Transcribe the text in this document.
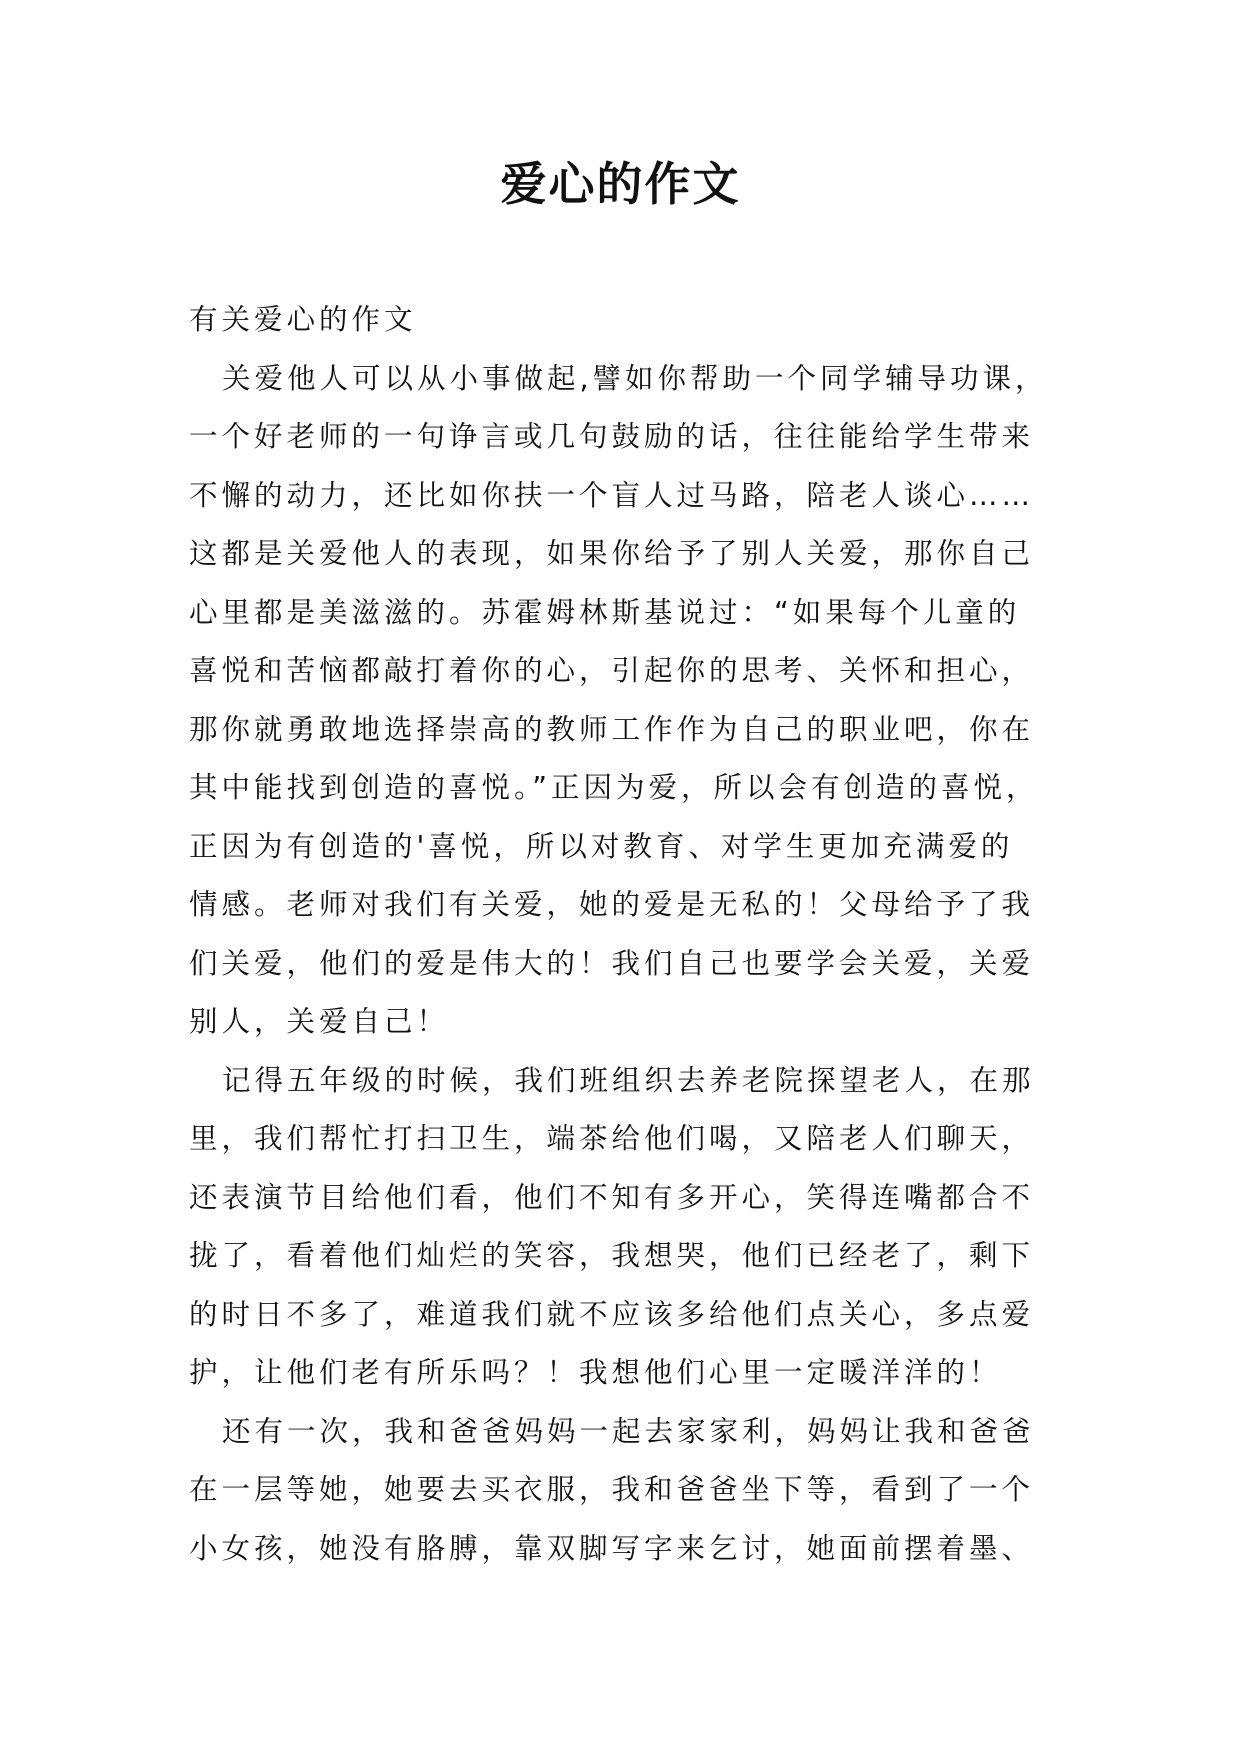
爱心的作文
有关爱心的作文
关爱他人可以从小事做起,譬如你帮助一个同学辅导功课，
一个好老师的一句诤言或几句鼓励的话，往往能给学生带来
不懈的动力，还比如你扶一个盲人过马路，陪老人谈心……
这都是关爱他人的表现，如果你给予了别人关爱，那你自己
心里都是美滋滋的。苏霍姆林斯基说过：“如果每个儿童的
喜悦和苦恼都敲打着你的心，引起你的思考、关怀和担心，
那你就勇敢地选择崇高的教师工作作为自己的职业吧，你在
其中能找到创造的喜悦。”正因为爱，所以会有创造的喜悦，
正因为有创造的'喜悦，所以对教育、对学生更加充满爱的
情感。老师对我们有关爱，她的爱是无私的！父母给予了我
们关爱，他们的爱是伟大的！我们自己也要学会关爱，关爱
别人，关爱自己！
记得五年级的时候，我们班组织去养老院探望老人，在那
里，我们帮忙打扫卫生，端茶给他们喝，又陪老人们聊天，
还表演节目给他们看，他们不知有多开心，笑得连嘴都合不
拢了，看着他们灿烂的笑容，我想哭，他们已经老了，剩下
的时日不多了，难道我们就不应该多给他们点关心，多点爱
护，让他们老有所乐吗？！我想他们心里一定暖洋洋的！
还有一次，我和爸爸妈妈一起去家家利，妈妈让我和爸爸
在一层等她，她要去买衣服，我和爸爸坐下等，看到了一个
小女孩，她没有胳膊，靠双脚写字来乞讨，她面前摆着墨、
